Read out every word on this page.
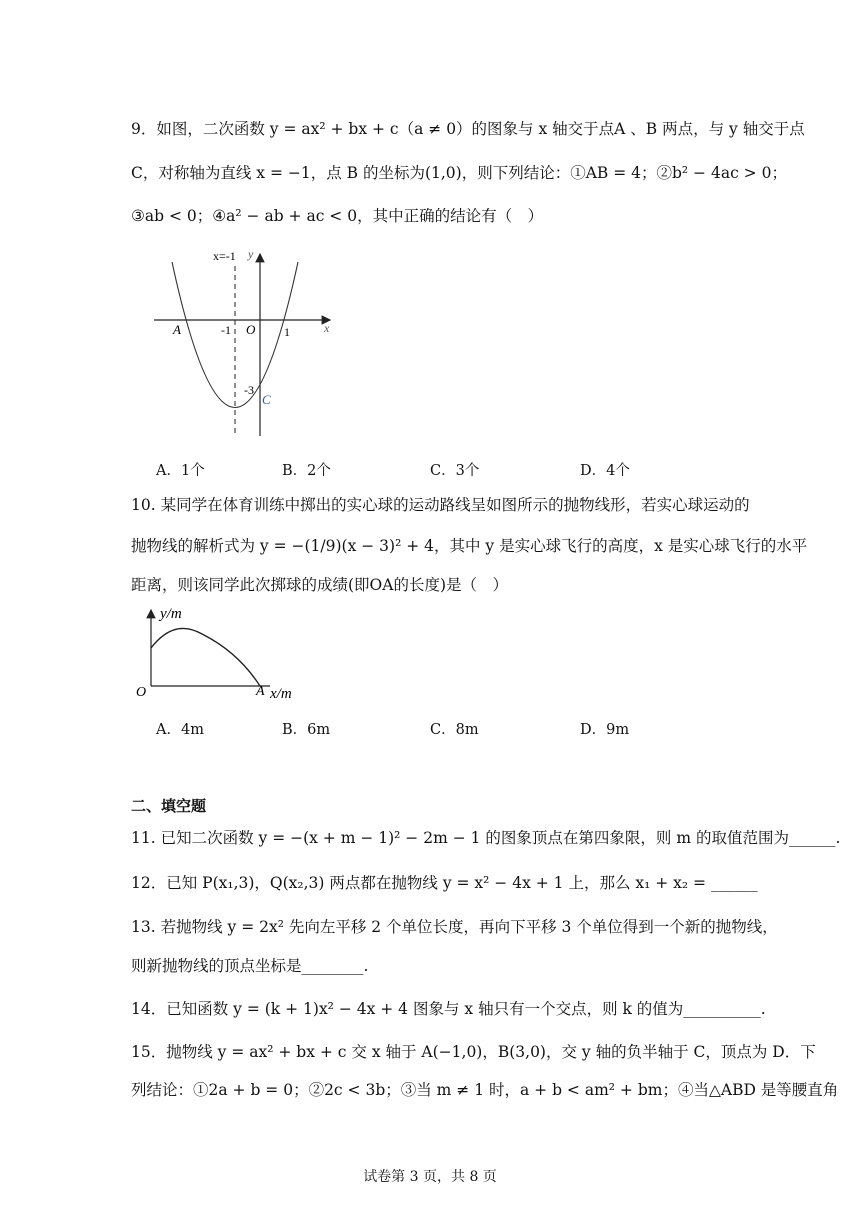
9．如图，二次函数 y = ax² + bx + c（a ≠ 0）的图象与 x 轴交于点A 、B 两点，与 y 轴交于点
C，对称轴为直线 x = −1，点 B 的坐标为(1,0)，则下列结论：①AB = 4；②b² − 4ac > 0；
③ab < 0；④a² − ab + ac < 0，其中正确的结论有（　）
x=-1 y
x
A	-1 O 1
-3
C
A．1个	B．2个	C．3个	D．4个
10. 某同学在体育训练中掷出的实心球的运动路线呈如图所示的抛物线形，若实心球运动的
抛物线的解析式为 y = −(1/9)(x − 3)² + 4，其中 y 是实心球飞行的高度，x 是实心球飞行的水平
距离，则该同学此次掷球的成绩(即OA的长度)是（　）
y/m
O	A x/m
A．4m	B．6m	C．8m	D．9m
二、填空题
11. 已知二次函数 y = −(x + m − 1)² − 2m − 1 的图象顶点在第四象限，则 m 的取值范围为______.
12．已知 P(x₁,3)，Q(x₂,3) 两点都在抛物线 y = x² − 4x + 1 上，那么 x₁ + x₂ = ______
13. 若抛物线 y = 2x² 先向左平移 2 个单位长度，再向下平移 3 个单位得到一个新的抛物线，
则新抛物线的顶点坐标是________.
14．已知函数 y = (k + 1)x² − 4x + 4 图象与 x 轴只有一个交点，则 k 的值为__________.
15．抛物线 y = ax² + bx + c 交 x 轴于 A(−1,0)，B(3,0)，交 y 轴的负半轴于 C，顶点为 D．下
列结论：①2a + b = 0；②2c < 3b；③当 m ≠ 1 时，a + b < am² + bm；④当△ABD 是等腰直角
试卷第 3 页，共 8 页
